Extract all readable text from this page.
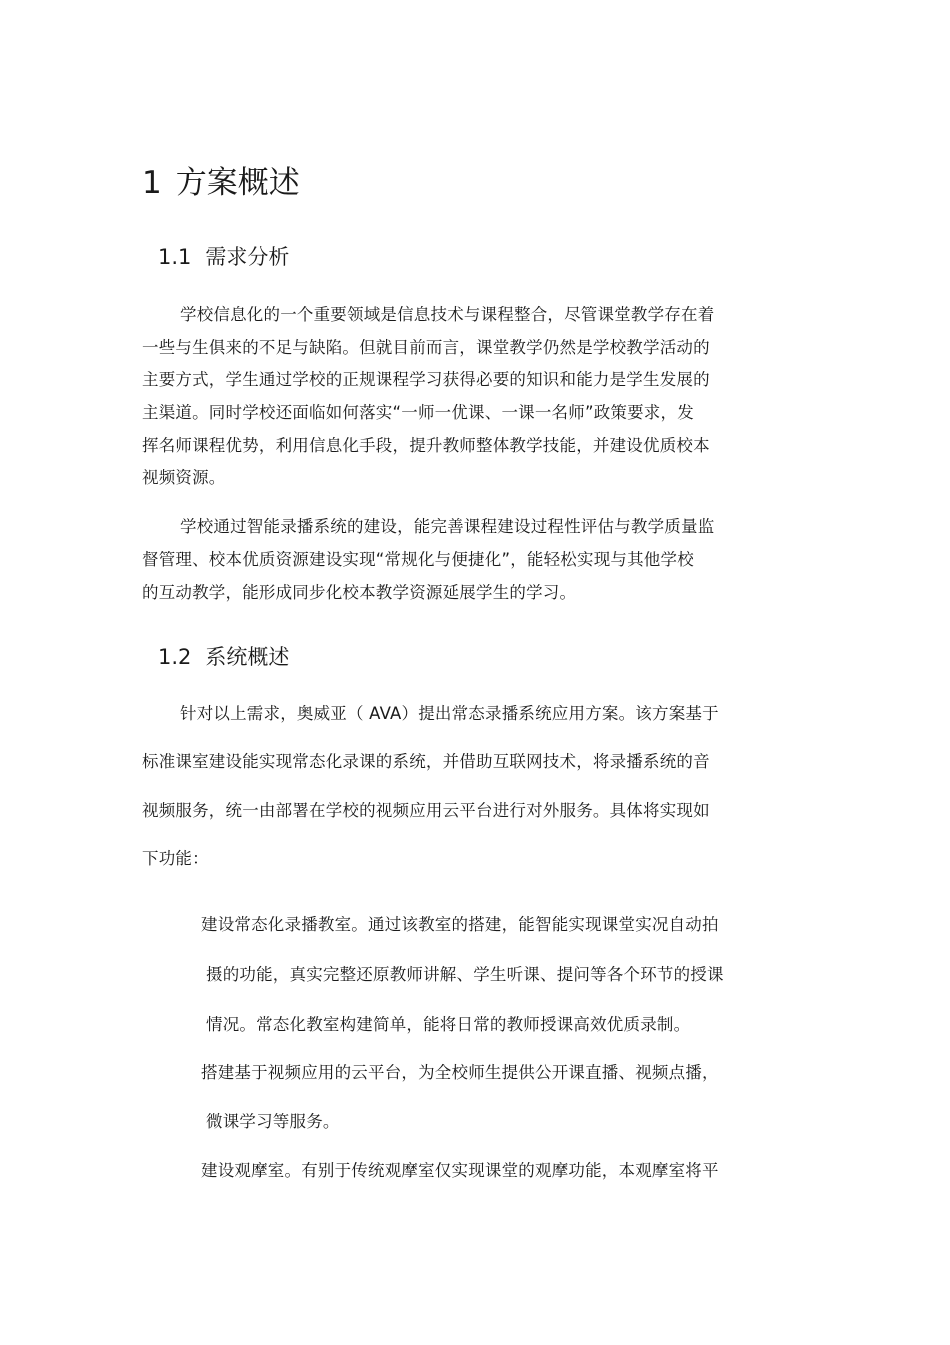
1 方案概述
1.1 需求分析
学校信息化的一个重要领域是信息技术与课程整合，尽管课堂教学存在着
一些与生俱来的不足与缺陷。但就目前而言，课堂教学仍然是学校教学活动的
主要方式，学生通过学校的正规课程学习获得必要的知识和能力是学生发展的
主渠道。同时学校还面临如何落实“一师一优课、一课一名师”政策要求，发
挥名师课程优势，利用信息化手段，提升教师整体教学技能，并建设优质校本
视频资源。
学校通过智能录播系统的建设，能完善课程建设过程性评估与教学质量监
督管理、校本优质资源建设实现“常规化与便捷化”，能轻松实现与其他学校
的互动教学，能形成同步化校本教学资源延展学生的学习。
1.2 系统概述
针对以上需求，奥威亚（ AVA）提出常态录播系统应用方案。该方案基于
标准课室建设能实现常态化录课的系统，并借助互联网技术，将录播系统的音
视频服务，统一由部署在学校的视频应用云平台进行对外服务。具体将实现如
下功能：
建设常态化录播教室。通过该教室的搭建，能智能实现课堂实况自动拍
摄的功能，真实完整还原教师讲解、学生听课、提问等各个环节的授课
情况。常态化教室构建简单，能将日常的教师授课高效优质录制。
搭建基于视频应用的云平台，为全校师生提供公开课直播、视频点播，
微课学习等服务。
建设观摩室。有别于传统观摩室仅实现课堂的观摩功能，本观摩室将平
